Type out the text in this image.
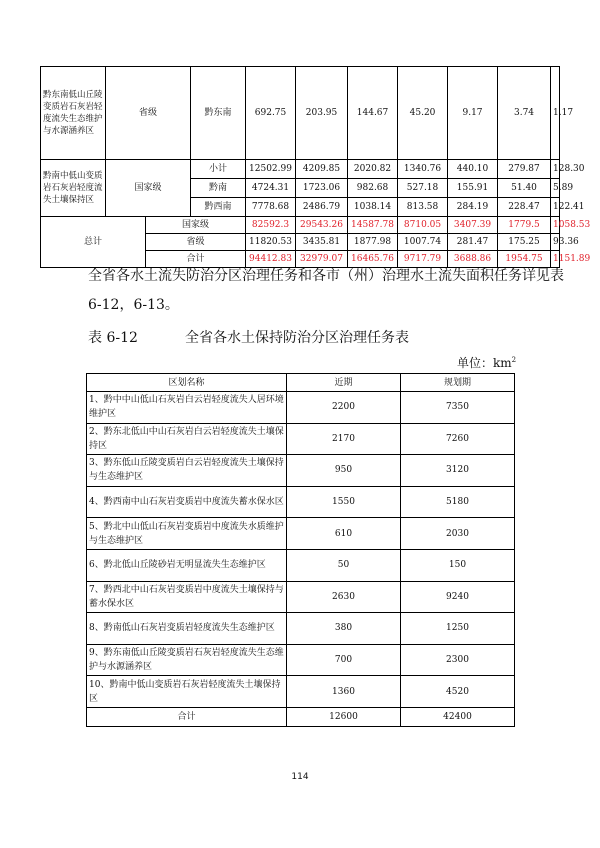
黔东南低山丘陵变质岩石灰岩轻度流失生态维护与水源涵养区	省级		黔东南	692.75	203.95	144.67	45.20	9.17	3.74	1.17
黔南中低山变质岩石灰岩轻度流失土壤保持区	国家级		小计	12502.99	4209.85	2020.82	1340.76	440.10	279.87	128.30
			黔南	4724.31	1723.06	982.68	527.18	155.91	51.40	5.89
			黔西南	7778.68	2486.79	1038.14	813.58	284.19	228.47	122.41
总计		国家级		82592.3	29543.26	14587.78	8710.05	3407.39	1779.5	1058.53
		省级		11820.53	3435.81	1877.98	1007.74	281.47	175.25	93.36
		合计		94412.83	32979.07	16465.76	9717.79	3688.86	1954.75	1151.89
全省各水土流失防治分区治理任务和各市（州）治理水土流失面积任务详见表 6-12，6-13。
表 6-12	全省各水土保持防治分区治理任务表
单位：$km^2$
区划名称	近期	规划期
1、黔中中山低山石灰岩白云岩轻度流失人居环境维护区	2200	7350
2、黔东北低山中山石灰岩白云岩轻度流失土壤保持区	2170	7260
3、黔东低山丘陵变质岩白云岩轻度流失土壤保持与生态维护区	950	3120
4、黔西南中山石灰岩变质岩中度流失蓄水保水区	1550	5180
5、黔北中山低山石灰岩变质岩中度流失水质维护与生态维护区	610	2030
6、黔北低山丘陵砂岩无明显流失生态维护区	50	150
7、黔西北中山石灰岩变质岩中度流失土壤保持与蓄水保水区	2630	9240
8、黔南低山石灰岩变质岩轻度流失生态维护区	380	1250
9、黔东南低山丘陵变质岩石灰岩轻度流失生态维护与水源涵养区	700	2300
10、黔南中低山变质岩石灰岩轻度流失土壤保持区	1360	4520
合计	12600	42400
114
